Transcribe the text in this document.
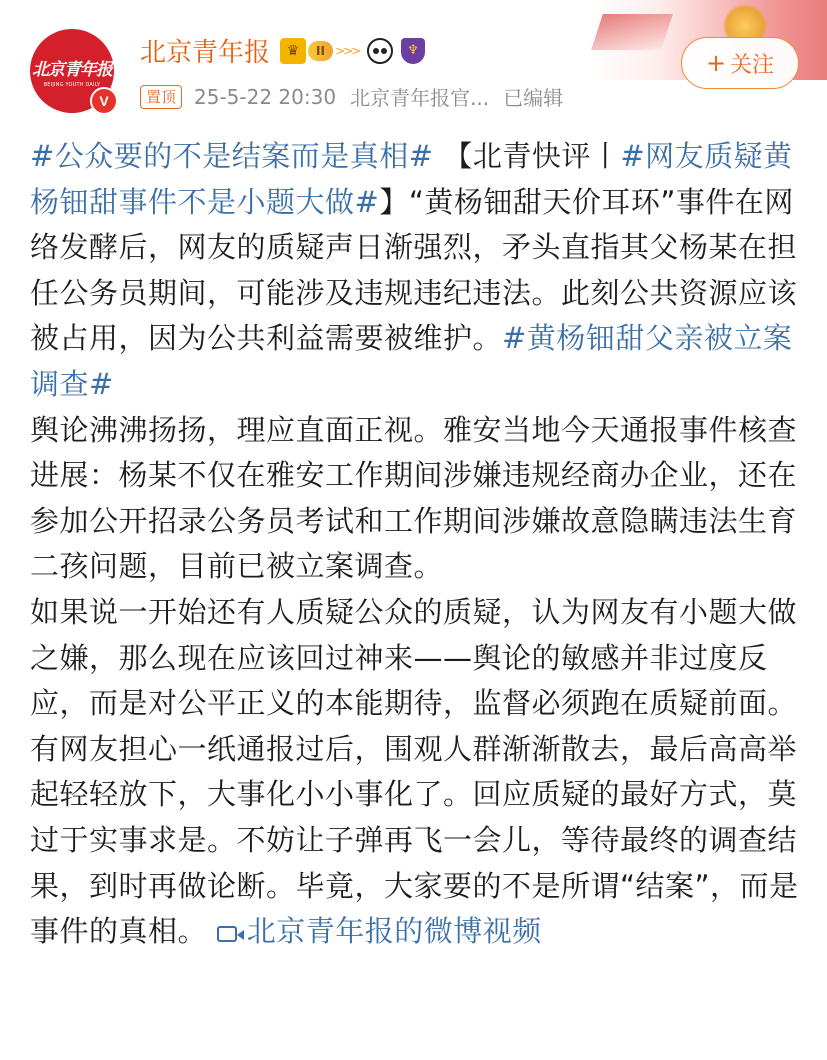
北京青年报
BEIJING YOUTH DAILY
V
北京青年报	♛	II >>>	♆
置顶 25-5-22 20:30 北京青年报官... 已编辑
+ 关注

#公众要的不是结案而是真相# 【北青快评丨#网友质疑黄杨钿甜事件不是小题大做#】“黄杨钿甜天价耳环”事件在网络发酵后，网友的质疑声日渐强烈，矛头直指其父杨某在担任公务员期间，可能涉及违规违纪违法。此刻公共资源应该被占用，因为公共利益需要被维护。#黄杨钿甜父亲被立案调查#

舆论沸沸扬扬，理应直面正视。雅安当地今天通报事件核查进展：杨某不仅在雅安工作期间涉嫌违规经商办企业，还在参加公开招录公务员考试和工作期间涉嫌故意隐瞒违法生育二孩问题，目前已被立案调查。

如果说一开始还有人质疑公众的质疑，认为网友有小题大做之嫌，那么现在应该回过神来——舆论的敏感并非过度反应，而是对公平正义的本能期待，监督必须跑在质疑前面。

有网友担心一纸通报过后，围观人群渐渐散去，最后高高举起轻轻放下，大事化小小事化了。回应质疑的最好方式，莫过于实事求是。不妨让子弹再飞一会儿，等待最终的调查结果，到时再做论断。毕竟，大家要的不是所谓“结案”，而是事件的真相。 北京青年报的微博视频
